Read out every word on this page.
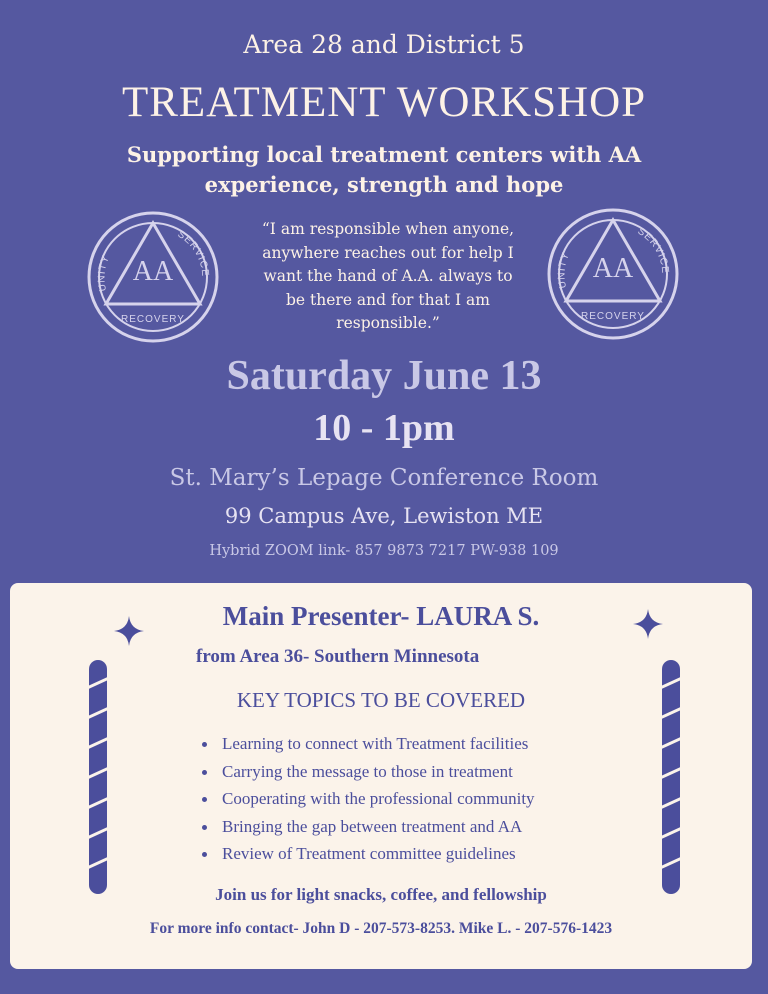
Area 28 and District 5
TREATMENT WORKSHOP
Supporting local treatment centers with AA
experience, strength and hope
AA
UNITY
SERVICE
RECOVERY
“I am responsible when anyone,
anywhere reaches out for help I
want the hand of A.A. always to
be there and for that I am
responsible.”
AA
UNITY
SERVICE
RECOVERY
Saturday June 13
10 - 1pm
St. Mary’s Lepage Conference Room
99 Campus Ave, Lewiston ME
Hybrid ZOOM link- 857 9873 7217 PW-938 109
Main Presenter- LAURA S.
from Area 36- Southern Minnesota
KEY TOPICS TO BE COVERED
Learning to connect with Treatment facilities
Carrying the message to those in treatment
Cooperating with the professional community
Bringing the gap between treatment and AA
Review of Treatment committee guidelines
Join us for light snacks, coffee, and fellowship
For more info contact- John D - 207-573-8253. Mike L. - 207-576-1423
